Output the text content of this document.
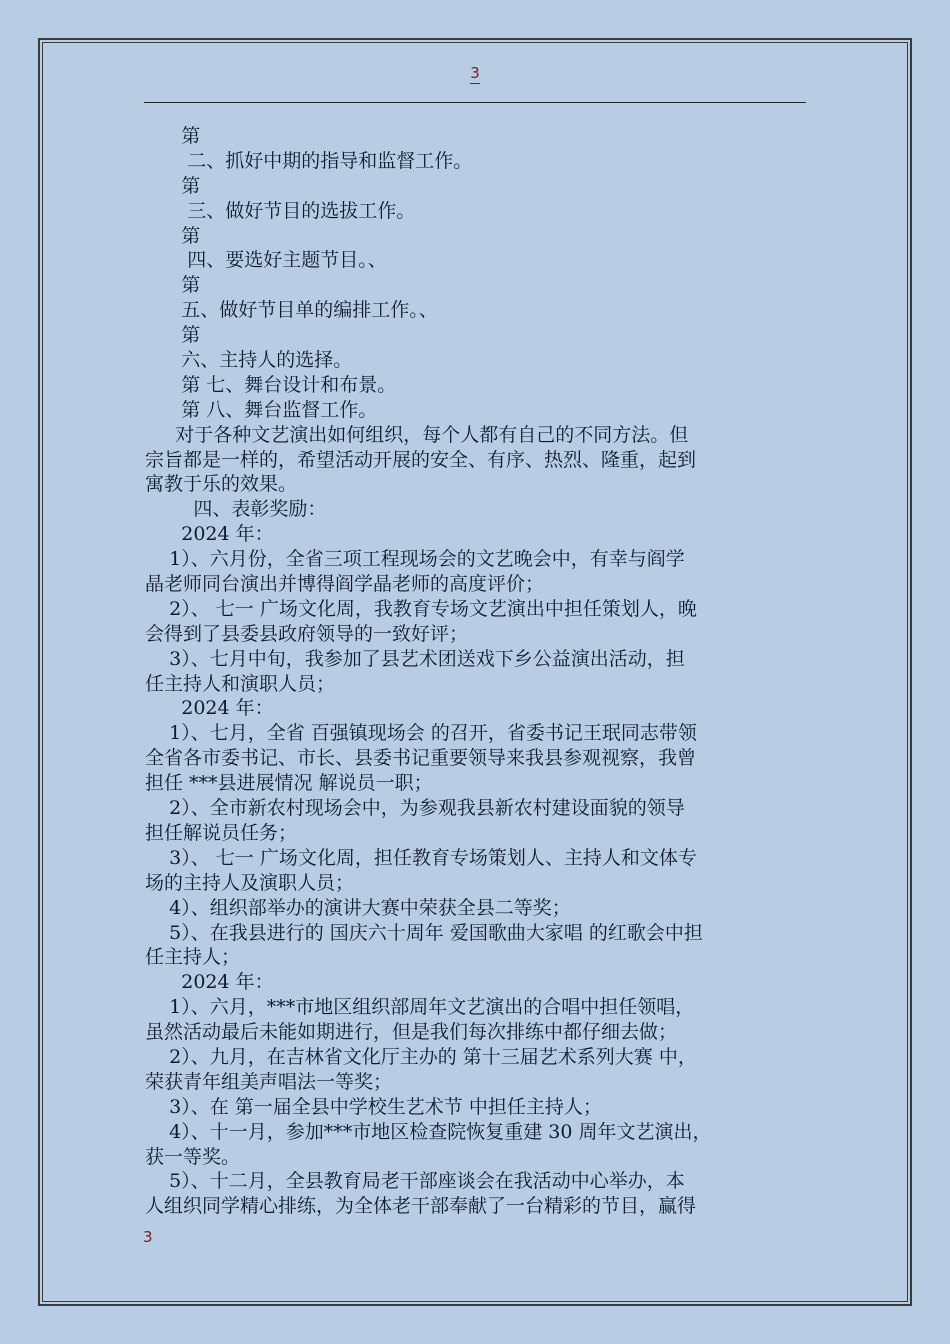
3
第
二、抓好中期的指导和监督工作。
第
三、做好节目的选拔工作。
第
四、要选好主题节目。、
第
五、做好节目单的编排工作。、
第
六、主持人的选择。
第 七、舞台设计和布景。
第 八、舞台监督工作。
对于各种文艺演出如何组织，每个人都有自己的不同方法。但
宗旨都是一样的，希望活动开展的安全、有序、热烈、隆重，起到
寓教于乐的效果。
四、表彰奖励：
2024 年：
1）、六月份，全省三项工程现场会的文艺晚会中，有幸与阎学
晶老师同台演出并博得阎学晶老师的高度评价；
2）、 七一 广场文化周，我教育专场文艺演出中担任策划人，晚
会得到了县委县政府领导的一致好评；
3）、七月中旬，我参加了县艺术团送戏下乡公益演出活动，担
任主持人和演职人员；
2024 年：
1）、七月，全省 百强镇现场会 的召开，省委书记王珉同志带领
全省各市委书记、市长、县委书记重要领导来我县参观视察，我曾
担任 ***县进展情况 解说员一职；
2）、全市新农村现场会中，为参观我县新农村建设面貌的领导
担任解说员任务；
3）、 七一 广场文化周，担任教育专场策划人、主持人和文体专
场的主持人及演职人员；
4）、组织部举办的演讲大赛中荣获全县二等奖；
5）、在我县进行的 国庆六十周年 爱国歌曲大家唱 的红歌会中担
任主持人；
2024 年：
1）、六月，***市地区组织部周年文艺演出的合唱中担任领唱，
虽然活动最后未能如期进行，但是我们每次排练中都仔细去做；
2）、九月，在吉林省文化厅主办的 第十三届艺术系列大赛 中，
荣获青年组美声唱法一等奖；
3）、在 第一届全县中学校生艺术节 中担任主持人；
4）、十一月，参加***市地区检查院恢复重建 30 周年文艺演出，
获一等奖。
5）、十二月，全县教育局老干部座谈会在我活动中心举办，本
人组织同学精心排练，为全体老干部奉献了一台精彩的节目，赢得
3
